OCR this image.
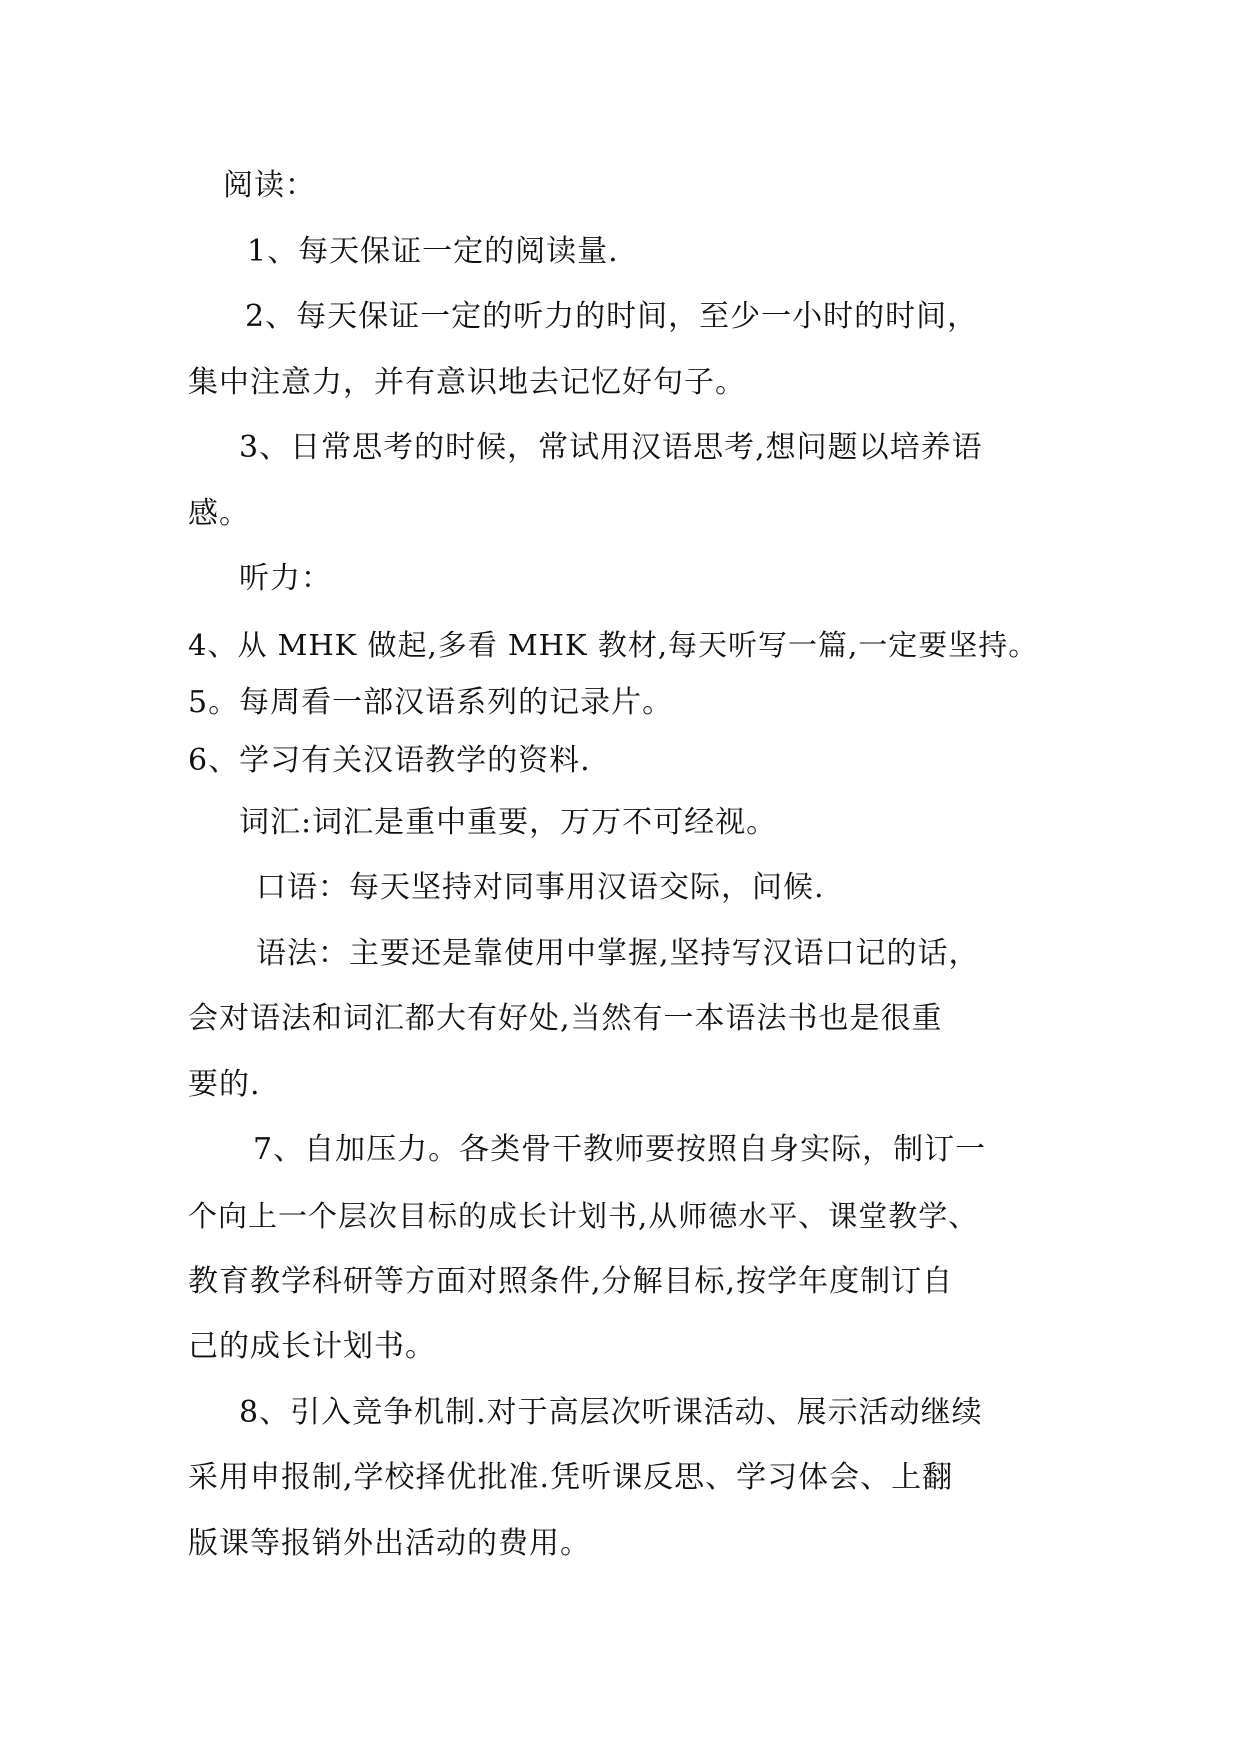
阅读：
1、每天保证一定的阅读量.
2、每天保证一定的听力的时间，至少一小时的时间，
集中注意力，并有意识地去记忆好句子。
3、日常思考的时候，常试用汉语思考,想问题以培养语
感。
听力：
4、从 MHK 做起,多看 MHK 教材,每天听写一篇,一定要坚持。
5。每周看一部汉语系列的记录片。
6、学习有关汉语教学的资料.
词汇:词汇是重中重要，万万不可经视。
口语：每天坚持对同事用汉语交际，问候.
语法：主要还是靠使用中掌握,坚持写汉语口记的话，
会对语法和词汇都大有好处,当然有一本语法书也是很重
要的.
7、自加压力。各类骨干教师要按照自身实际，制订一
个向上一个层次目标的成长计划书,从师德水平、课堂教学、
教育教学科研等方面对照条件,分解目标,按学年度制订自
己的成长计划书。
8、引入竞争机制.对于高层次听课活动、展示活动继续
采用申报制,学校择优批准.凭听课反思、学习体会、上翻
版课等报销外出活动的费用。
